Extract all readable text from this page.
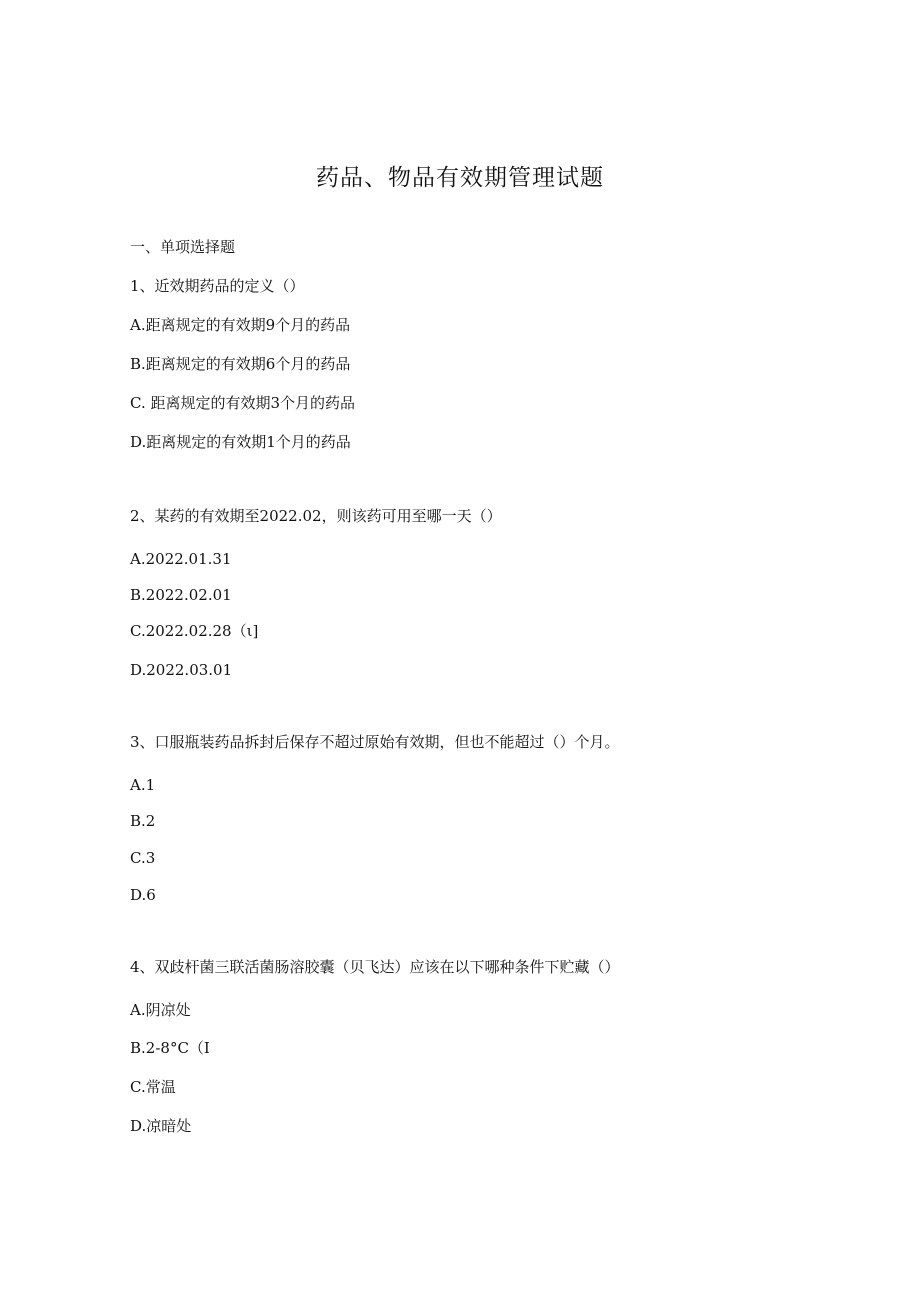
药品、物品有效期管理试题
一、单项选择题
1、近效期药品的定义（）
A.距离规定的有效期9个月的药品
B.距离规定的有效期6个月的药品
C. 距离规定的有效期3个月的药品
D.距离规定的有效期1个月的药品
2、某药的有效期至2022.02，则该药可用至哪一天（）
A.2022.01.31
B.2022.02.01
C.2022.02.28（ι]
D.2022.03.01
3、口服瓶装药品拆封后保存不超过原始有效期，但也不能超过（）个月。
A.1
B.2
C.3
D.6
4、双歧杆菌三联活菌肠溶胶囊（贝飞达）应该在以下哪种条件下贮藏（）
A.阴凉处
B.2-8°C（I
C.常温
D.凉暗处
